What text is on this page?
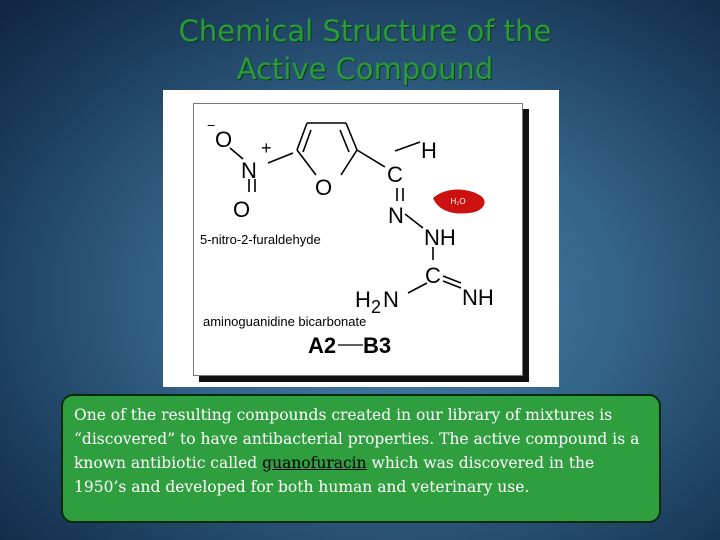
Chemical Structure of the
Active Compound
H₂O
−
O +
N
O
O
C
H
N
NH
C
NH
H 2 N
5-nitro-2-furaldehyde
aminoguanidine bicarbonate
A2 B3
One of the resulting compounds created in our library of mixtures is “discovered” to have antibacterial properties. The active compound is a known antibiotic called guanofuracin which was discovered in the 1950’s and developed for both human and veterinary use.
